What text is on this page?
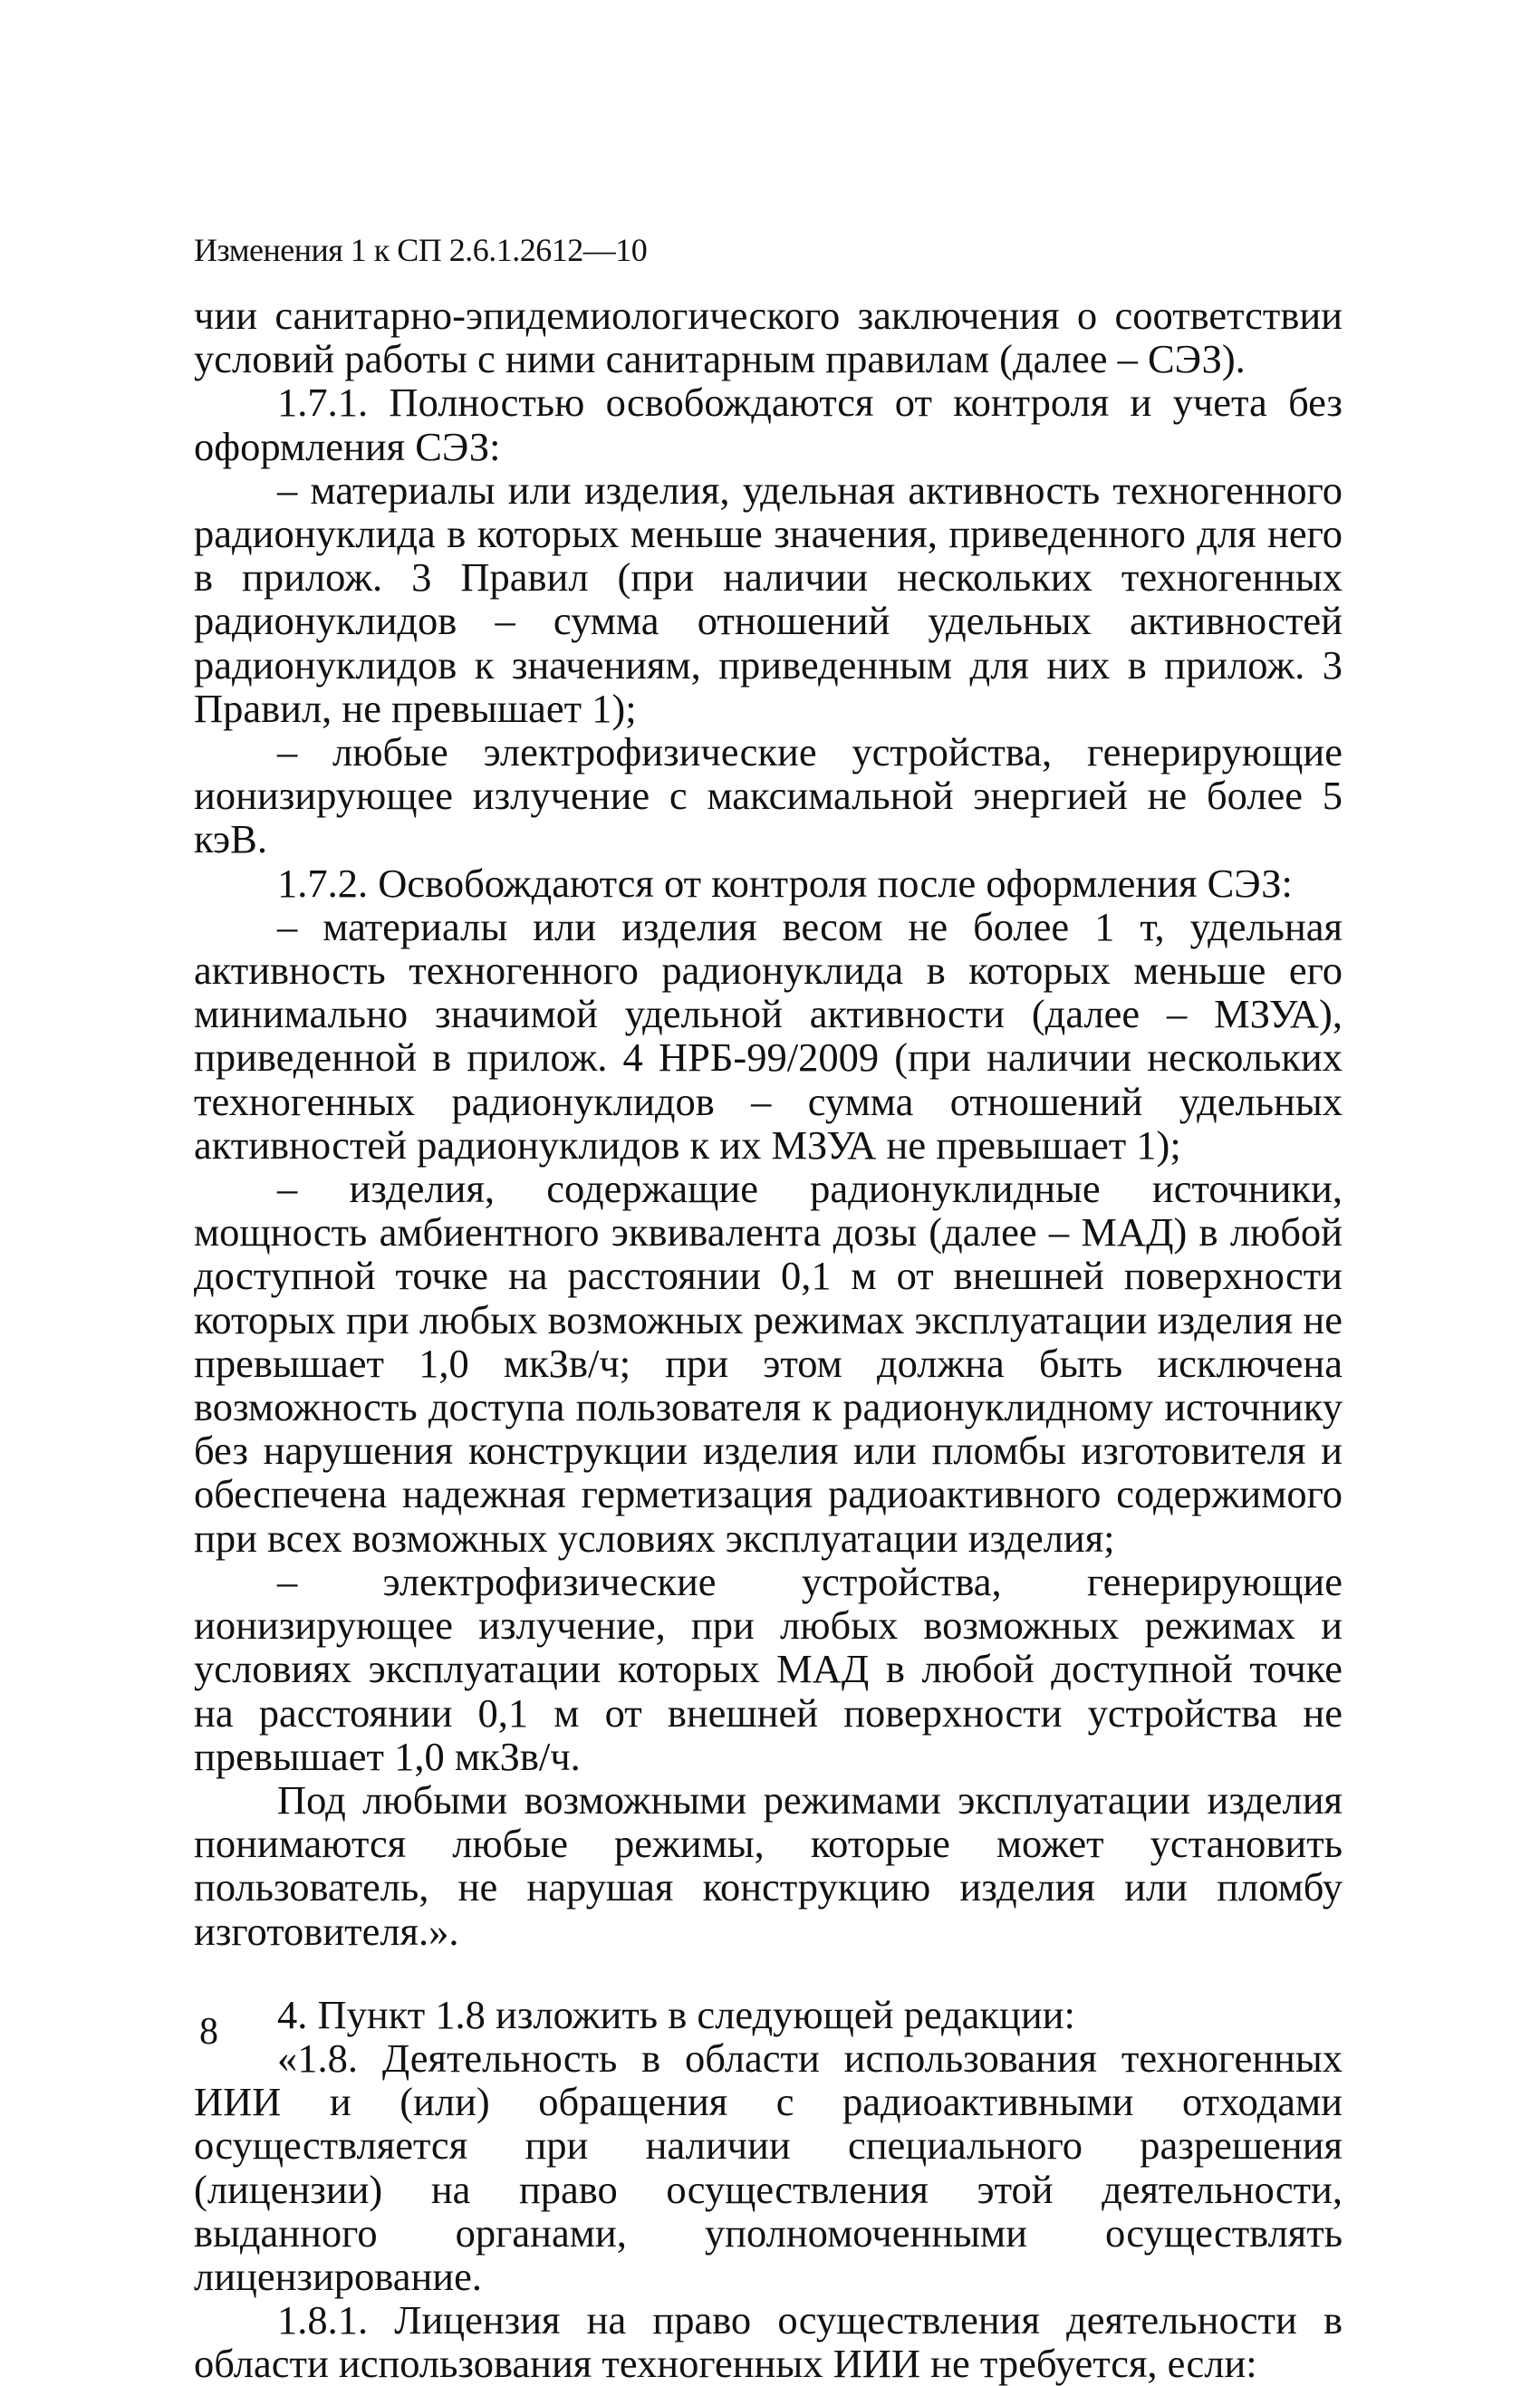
Изменения 1 к СП 2.6.1.2612—10

чии санитарно-эпидемиологического заключения о соответствии условий работы с ними санитарным правилам (далее – СЭЗ).

1.7.1. Полностью освобождаются от контроля и учета без оформления СЭЗ:

– материалы или изделия, удельная активность техногенного радионуклида в которых меньше значения, приведенного для него в прилож. 3 Правил (при наличии нескольких техногенных радионуклидов – сумма отношений удельных активностей радионуклидов к значениям, приведенным для них в прилож. 3 Правил, не превышает 1);

– любые электрофизические устройства, генерирующие ионизирующее излучение с максимальной энергией не более 5 кэВ.

1.7.2. Освобождаются от контроля после оформления СЭЗ:

– материалы или изделия весом не более 1 т, удельная активность техногенного радионуклида в которых меньше его минимально значимой удельной активности (далее – МЗУА), приведенной в прилож. 4 НРБ-99/2009 (при наличии нескольких техногенных радионуклидов – сумма отношений удельных активностей радионуклидов к их МЗУА не превышает 1);

– изделия, содержащие радионуклидные источники, мощность амбиентного эквивалента дозы (далее – МАД) в любой доступной точке на расстоянии 0,1 м от внешней поверхности которых при любых возможных режимах эксплуатации изделия не превышает 1,0 мкЗв/ч; при этом должна быть исключена возможность доступа пользователя к радионуклидному источнику без нарушения конструкции изделия или пломбы изготовителя и обеспечена надежная герметизация радиоактивного содержимого при всех возможных условиях эксплуатации изделия;

– электрофизические устройства, генерирующие ионизирующее излучение, при любых возможных режимах и условиях эксплуатации которых МАД в любой доступной точке на расстоянии 0,1 м от внешней поверхности устройства не превышает 1,0 мкЗв/ч.

Под любыми возможными режимами эксплуатации изделия понимаются любые режимы, которые может установить пользователь, не нарушая конструкцию изделия или пломбу изготовителя.».

4. Пункт 1.8 изложить в следующей редакции:

«1.8. Деятельность в области использования техногенных ИИИ и (или) обращения с радиоактивными отходами осуществляется при наличии специального разрешения (лицензии) на право осуществления этой деятельности, выданного органами, уполномоченными осуществлять лицензирование.

1.8.1. Лицензия на право осуществления деятельности в области использования техногенных ИИИ не требуется, если:

8
